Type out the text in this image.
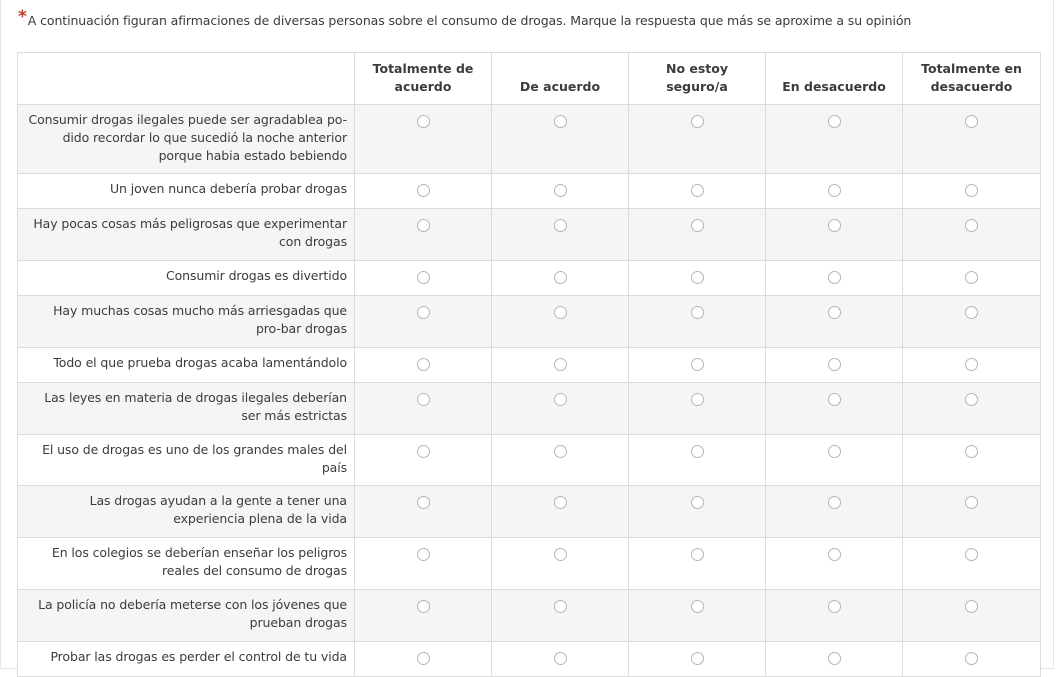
*A continuación figuran afirmaciones de diversas personas sobre el consumo de drogas. Marque la respuesta que más se aproxime a su opinión
	Totalmente de acuerdo	De acuerdo	No estoy seguro/a	En desacuerdo	Totalmente en desacuerdo
Consumir drogas ilegales puede ser agradablea po-dido recordar lo que sucedió la noche anterior porque habia estado bebiendo					
Un joven nunca debería probar drogas					
Hay pocas cosas más peligrosas que experimentar con drogas					
Consumir drogas es divertido					
Hay muchas cosas mucho más arriesgadas que pro-bar drogas					
Todo el que prueba drogas acaba lamentándolo					
Las leyes en materia de drogas ilegales deberían ser más estrictas					
El uso de drogas es uno de los grandes males del país					
Las drogas ayudan a la gente a tener una experiencia plena de la vida					
En los colegios se deberían enseñar los peligros reales del consumo de drogas					
La policía no debería meterse con los jóvenes que prueban drogas					
Probar las drogas es perder el control de tu vida					
